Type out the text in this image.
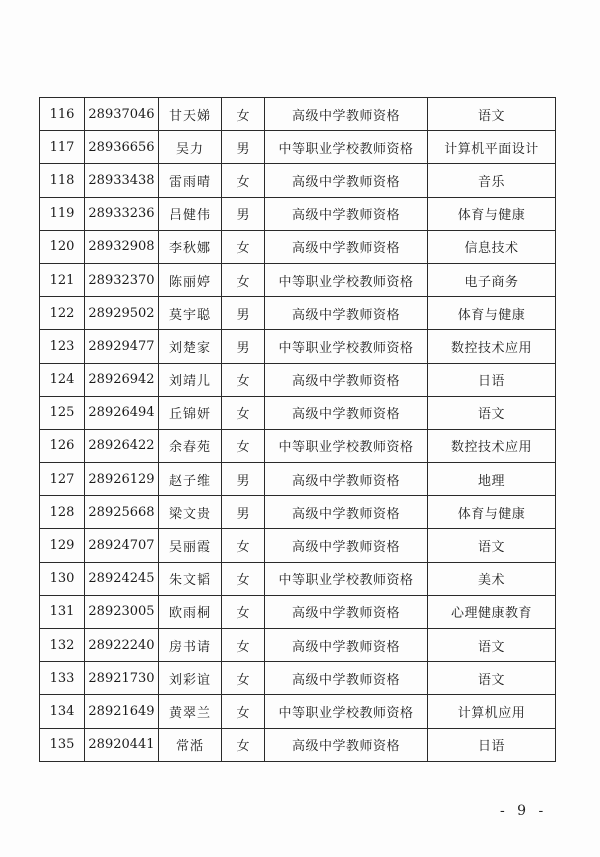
116	28937046	甘天娣	女	高级中学教师资格	语文
117	28936656	吴力	男	中等职业学校教师资格	计算机平面设计
118	28933438	雷雨晴	女	高级中学教师资格	音乐
119	28933236	吕健伟	男	高级中学教师资格	体育与健康
120	28932908	李秋娜	女	高级中学教师资格	信息技术
121	28932370	陈丽婷	女	中等职业学校教师资格	电子商务
122	28929502	莫宇聪	男	高级中学教师资格	体育与健康
123	28929477	刘楚家	男	中等职业学校教师资格	数控技术应用
124	28926942	刘靖儿	女	高级中学教师资格	日语
125	28926494	丘锦妍	女	高级中学教师资格	语文
126	28926422	余春苑	女	中等职业学校教师资格	数控技术应用
127	28926129	赵子维	男	高级中学教师资格	地理
128	28925668	梁文贵	男	高级中学教师资格	体育与健康
129	28924707	吴丽霞	女	高级中学教师资格	语文
130	28924245	朱文韬	女	中等职业学校教师资格	美术
131	28923005	欧雨桐	女	高级中学教师资格	心理健康教育
132	28922240	房书请	女	高级中学教师资格	语文
133	28921730	刘彩谊	女	高级中学教师资格	语文
134	28921649	黄翠兰	女	中等职业学校教师资格	计算机应用
135	28920441	常湉	女	高级中学教师资格	日语
- 9 -
